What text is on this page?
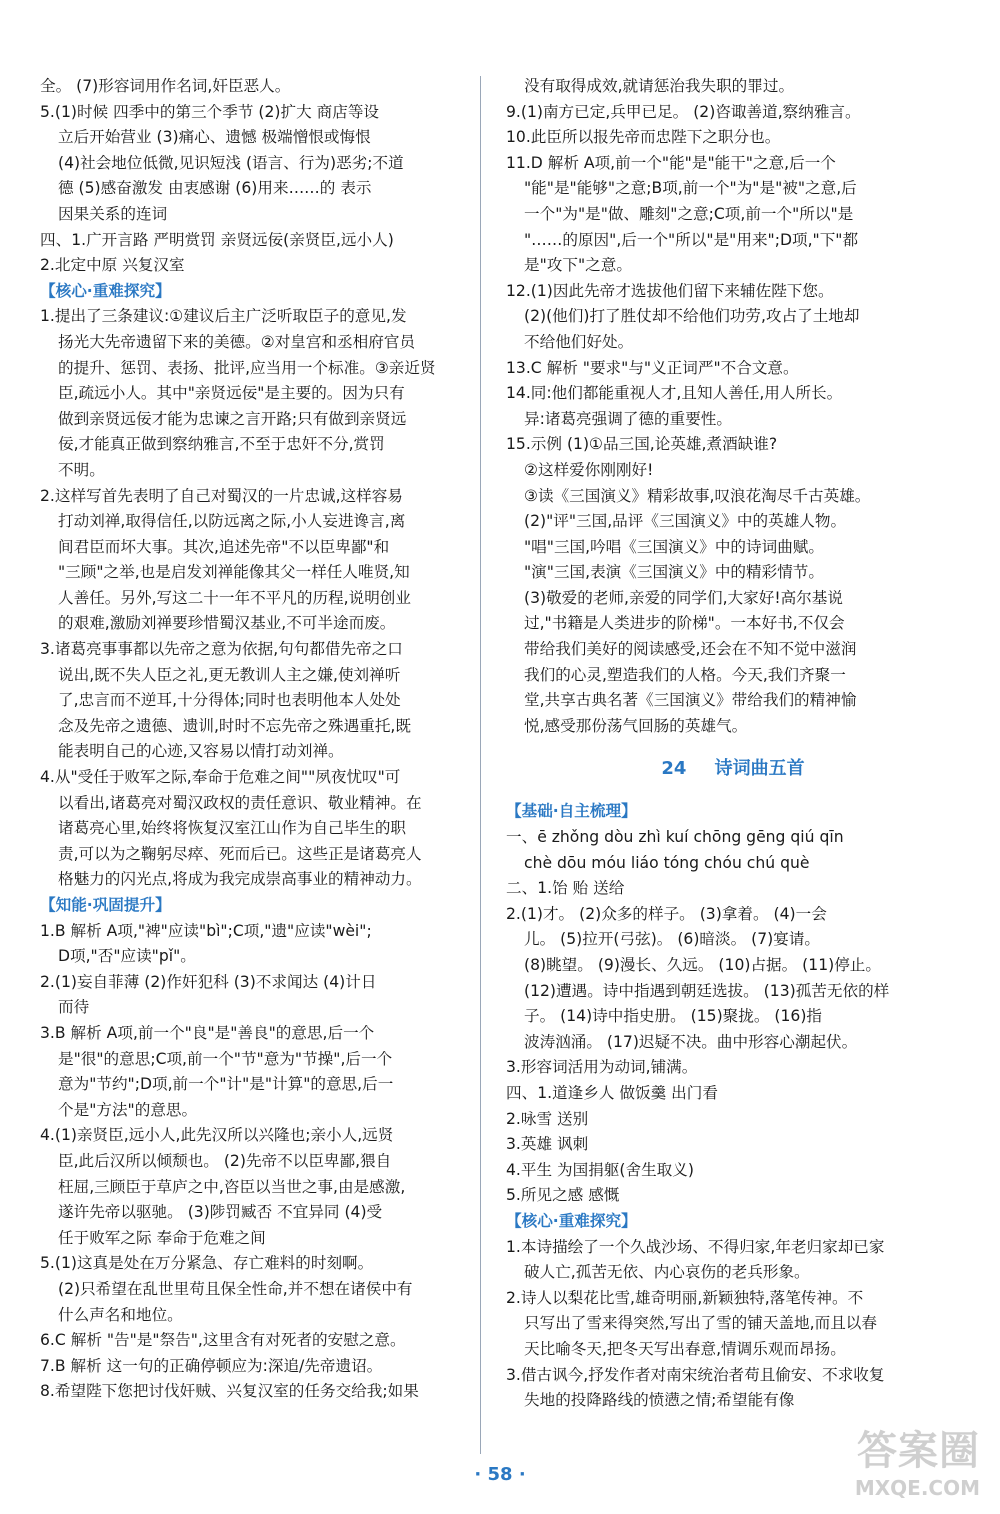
全。 (7)形容词用作名词,奸臣恶人。
5.(1)时候 四季中的第三个季节 (2)扩大 商店等设
立后开始营业 (3)痛心、遗憾 极端憎恨或悔恨
(4)社会地位低微,见识短浅 (语言、行为)恶劣;不道
德 (5)感奋激发 由衷感谢 (6)用来……的 表示
因果关系的连词
四、1.广开言路 严明赏罚 亲贤远佞(亲贤臣,远小人)
2.北定中原 兴复汉室
【核心·重难探究】
1.提出了三条建议:①建议后主广泛听取臣子的意见,发
扬光大先帝遗留下来的美德。②对皇宫和丞相府官员
的提升、惩罚、表扬、批评,应当用一个标准。③亲近贤
臣,疏远小人。其中"亲贤远佞"是主要的。因为只有
做到亲贤远佞才能为忠谏之言开路;只有做到亲贤远
佞,才能真正做到察纳雅言,不至于忠奸不分,赏罚
不明。
2.这样写首先表明了自己对蜀汉的一片忠诚,这样容易
打动刘禅,取得信任,以防远离之际,小人妄进谗言,离
间君臣而坏大事。其次,追述先帝"不以臣卑鄙"和
"三顾"之举,也是启发刘禅能像其父一样任人唯贤,知
人善任。另外,写这二十一年不平凡的历程,说明创业
的艰难,激励刘禅要珍惜蜀汉基业,不可半途而废。
3.诸葛亮事事都以先帝之意为依据,句句都借先帝之口
说出,既不失人臣之礼,更无教训人主之嫌,使刘禅听
了,忠言而不逆耳,十分得体;同时也表明他本人处处
念及先帝之遗德、遗训,时时不忘先帝之殊遇重托,既
能表明自己的心迹,又容易以情打动刘禅。
4.从"受任于败军之际,奉命于危难之间""夙夜忧叹"可
以看出,诸葛亮对蜀汉政权的责任意识、敬业精神。在
诸葛亮心里,始终将恢复汉室江山作为自己毕生的职
责,可以为之鞠躬尽瘁、死而后已。这些正是诸葛亮人
格魅力的闪光点,将成为我完成崇高事业的精神动力。
【知能·巩固提升】
1.B 解析 A项,"裨"应读"bì";C项,"遗"应读"wèi";
D项,"否"应读"pǐ"。
2.(1)妄自菲薄 (2)作奸犯科 (3)不求闻达 (4)计日
而待
3.B 解析 A项,前一个"良"是"善良"的意思,后一个
是"很"的意思;C项,前一个"节"意为"节操",后一个
意为"节约";D项,前一个"计"是"计算"的意思,后一
个是"方法"的意思。
4.(1)亲贤臣,远小人,此先汉所以兴隆也;亲小人,远贤
臣,此后汉所以倾颓也。 (2)先帝不以臣卑鄙,猥自
枉屈,三顾臣于草庐之中,咨臣以当世之事,由是感激,
遂许先帝以驱驰。 (3)陟罚臧否 不宜异同 (4)受
任于败军之际 奉命于危难之间
5.(1)这真是处在万分紧急、存亡难料的时刻啊。
(2)只希望在乱世里苟且保全性命,并不想在诸侯中有
什么声名和地位。
6.C 解析 "告"是"祭告",这里含有对死者的安慰之意。
7.B 解析 这一句的正确停顿应为:深追/先帝遗诏。
8.希望陛下您把讨伐奸贼、兴复汉室的任务交给我;如果
没有取得成效,就请惩治我失职的罪过。
9.(1)南方已定,兵甲已足。 (2)咨诹善道,察纳雅言。
10.此臣所以报先帝而忠陛下之职分也。
11.D 解析 A项,前一个"能"是"能干"之意,后一个
"能"是"能够"之意;B项,前一个"为"是"被"之意,后
一个"为"是"做、雕刻"之意;C项,前一个"所以"是
"……的原因",后一个"所以"是"用来";D项,"下"都
是"攻下"之意。
12.(1)因此先帝才选拔他们留下来辅佐陛下您。
(2)(他们)打了胜仗却不给他们功劳,攻占了土地却
不给他们好处。
13.C 解析 "要求"与"义正词严"不合文意。
14.同:他们都能重视人才,且知人善任,用人所长。
异:诸葛亮强调了德的重要性。
15.示例 (1)①品三国,论英雄,煮酒缺谁?
②这样爱你刚刚好!
③读《三国演义》精彩故事,叹浪花淘尽千古英雄。
(2)"评"三国,品评《三国演义》中的英雄人物。
"唱"三国,吟唱《三国演义》中的诗词曲赋。
"演"三国,表演《三国演义》中的精彩情节。
(3)敬爱的老师,亲爱的同学们,大家好!高尔基说
过,"书籍是人类进步的阶梯"。一本好书,不仅会
带给我们美好的阅读感受,还会在不知不觉中滋润
我们的心灵,塑造我们的人格。今天,我们齐聚一
堂,共享古典名著《三国演义》带给我们的精神愉
悦,感受那份荡气回肠的英雄气。
24 诗词曲五首
【基础·自主梳理】
一、ē zhǒng dòu zhì kuí chōng gēng qiú qīn
chè dōu móu liáo tóng chóu chú què
二、1.饴 贻 送给
2.(1)才。 (2)众多的样子。 (3)拿着。 (4)一会
儿。 (5)拉开(弓弦)。 (6)暗淡。 (7)宴请。
(8)眺望。 (9)漫长、久远。 (10)占据。 (11)停止。
(12)遭遇。诗中指遇到朝廷选拔。 (13)孤苦无依的样
子。 (14)诗中指史册。 (15)聚拢。 (16)指
波涛汹涌。 (17)迟疑不决。曲中形容心潮起伏。
3.形容词活用为动词,铺满。
四、1.道逢乡人 做饭羹 出门看
2.咏雪 送别
3.英雄 讽刺
4.平生 为国捐躯(舍生取义)
5.所见之感 感慨
【核心·重难探究】
1.本诗描绘了一个久战沙场、不得归家,年老归家却已家
破人亡,孤苦无依、内心哀伤的老兵形象。
2.诗人以梨花比雪,雄奇明丽,新颖独特,落笔传神。不
只写出了雪来得突然,写出了雪的铺天盖地,而且以春
天比喻冬天,把冬天写出春意,情调乐观而昂扬。
3.借古讽今,抒发作者对南宋统治者苟且偷安、不求收复
失地的投降路线的愤懑之情;希望能有像
· 58 ·
答案圈
MXQE.COM
